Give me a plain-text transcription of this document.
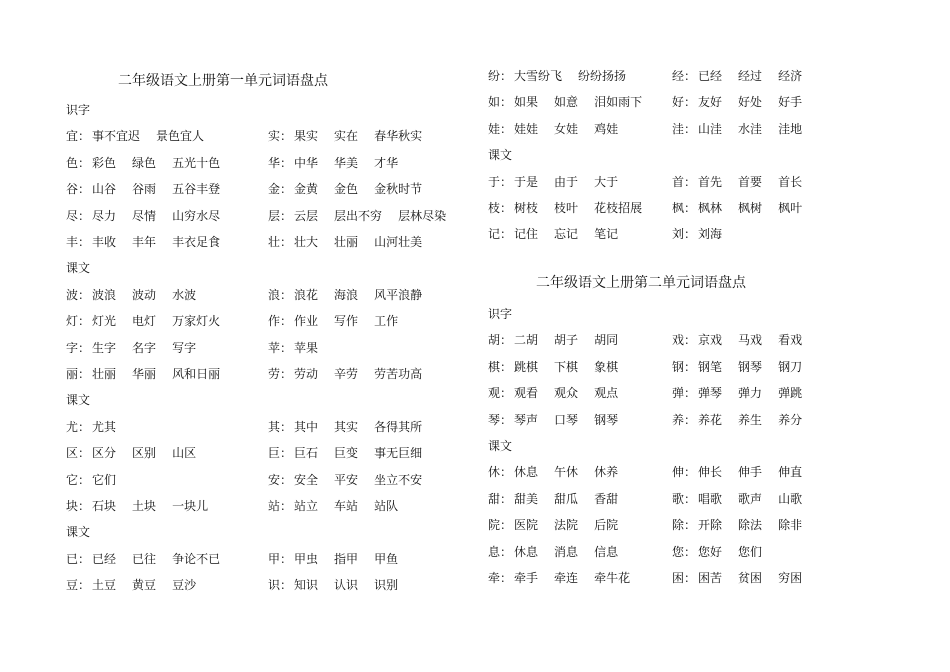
二年级语文上册第一单元词语盘点
识字
宜： 事不宜迟 景色宜人	实： 果实 实在 春华秋实
色： 彩色 绿色 五光十色	华： 中华 华美 才华
谷： 山谷 谷雨 五谷丰登	金： 金黄 金色 金秋时节
尽： 尽力 尽情 山穷水尽	层： 云层 层出不穷 层林尽染
丰： 丰收 丰年 丰衣足食	壮： 壮大 壮丽 山河壮美
课文
波： 波浪 波动 水波	浪： 浪花 海浪 风平浪静
灯： 灯光 电灯 万家灯火	作： 作业 写作 工作
字： 生字 名字 写字	苹： 苹果
丽： 壮丽 华丽 风和日丽	劳： 劳动 辛劳 劳苦功高
课文
尤： 尤其	其： 其中 其实 各得其所
区： 区分 区别 山区	巨： 巨石 巨变 事无巨细
它： 它们	安： 安全 平安 坐立不安
块： 石块 土块 一块儿	站： 站立 车站 站队
课文
已： 已经 已往 争论不已	甲： 甲虫 指甲 甲鱼
豆： 土豆 黄豆 豆沙	识： 知识 认识 识别
纷： 大雪纷飞 纷纷扬扬	经： 已经 经过 经济
如： 如果 如意 泪如雨下 好： 友好 好处 好手
娃： 娃娃 女娃 鸡娃	洼： 山洼 水洼 洼地
课文
于： 于是 由于 大于	首： 首先 首要 首长
枝： 树枝 枝叶 花枝招展 枫： 枫林 枫树 枫叶
记： 记住 忘记 笔记	刘： 刘海
二年级语文上册第二单元词语盘点
识字
胡： 二胡 胡子 胡同	戏： 京戏 马戏 看戏
棋： 跳棋 下棋 象棋	钢： 钢笔 钢琴 钢刀
观： 观看 观众 观点	弹： 弹琴 弹力 弹跳
琴： 琴声 口琴 钢琴	养： 养花 养生 养分
课文
休： 休息 午休 休养	伸： 伸长 伸手 伸直
甜： 甜美 甜瓜 香甜	歌： 唱歌 歌声 山歌
院： 医院 法院 后院	除： 开除 除法 除非
息： 休息 消息 信息	您： 您好 您们
牵： 牵手 牵连 牵牛花	困： 困苦 贫困 穷困
